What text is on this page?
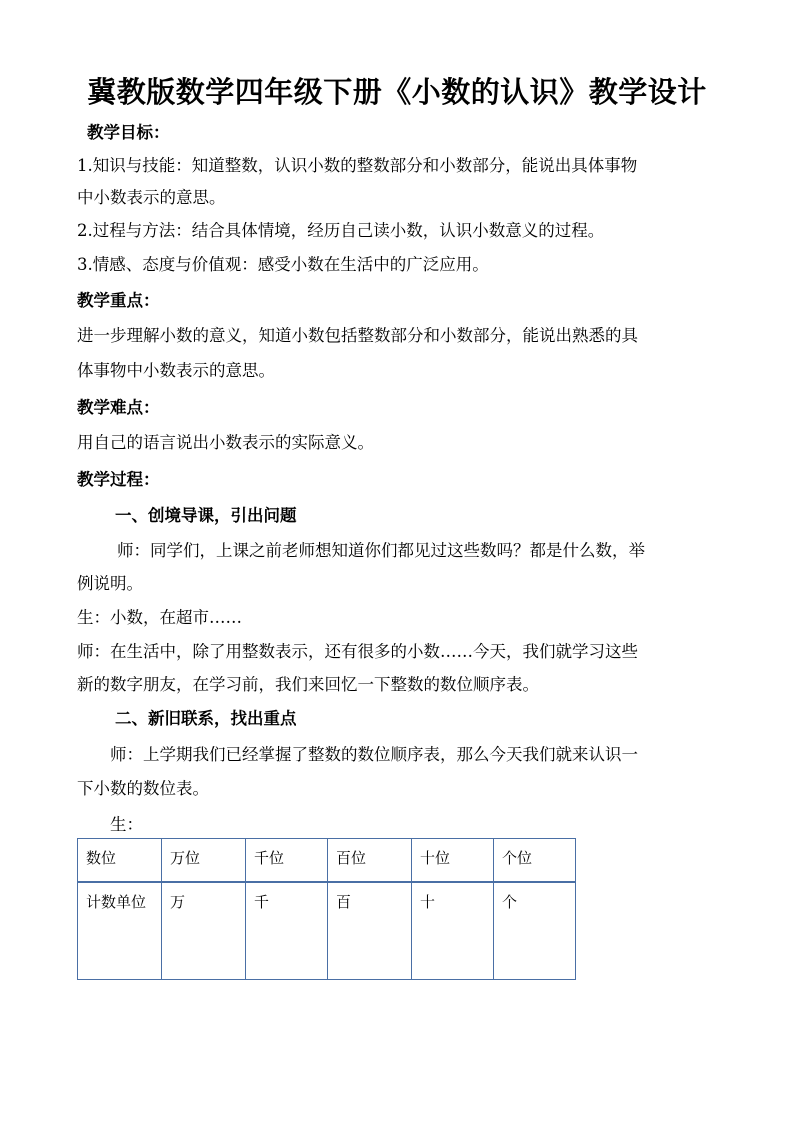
冀教版数学四年级下册《小数的认识》教学设计
教学目标：
1.知识与技能：知道整数，认识小数的整数部分和小数部分，能说出具体事物
中小数表示的意思。
2.过程与方法：结合具体情境，经历自己读小数，认识小数意义的过程。
3.情感、态度与价值观：感受小数在生活中的广泛应用。
教学重点：
进一步理解小数的意义，知道小数包括整数部分和小数部分，能说出熟悉的具
体事物中小数表示的意思。
教学难点：
用自己的语言说出小数表示的实际意义。
教学过程：
一、创境导课，引出问题
师：同学们，上课之前老师想知道你们都见过这些数吗？都是什么数，举
例说明。
生：小数，在超市……
师：在生活中，除了用整数表示，还有很多的小数……今天，我们就学习这些
新的数字朋友，在学习前，我们来回忆一下整数的数位顺序表。
二、新旧联系，找出重点
师：上学期我们已经掌握了整数的数位顺序表，那么今天我们就来认识一
下小数的数位表。
生：
数位	万位	千位	百位	十位	个位
计数单位	万	千	百	十	个
